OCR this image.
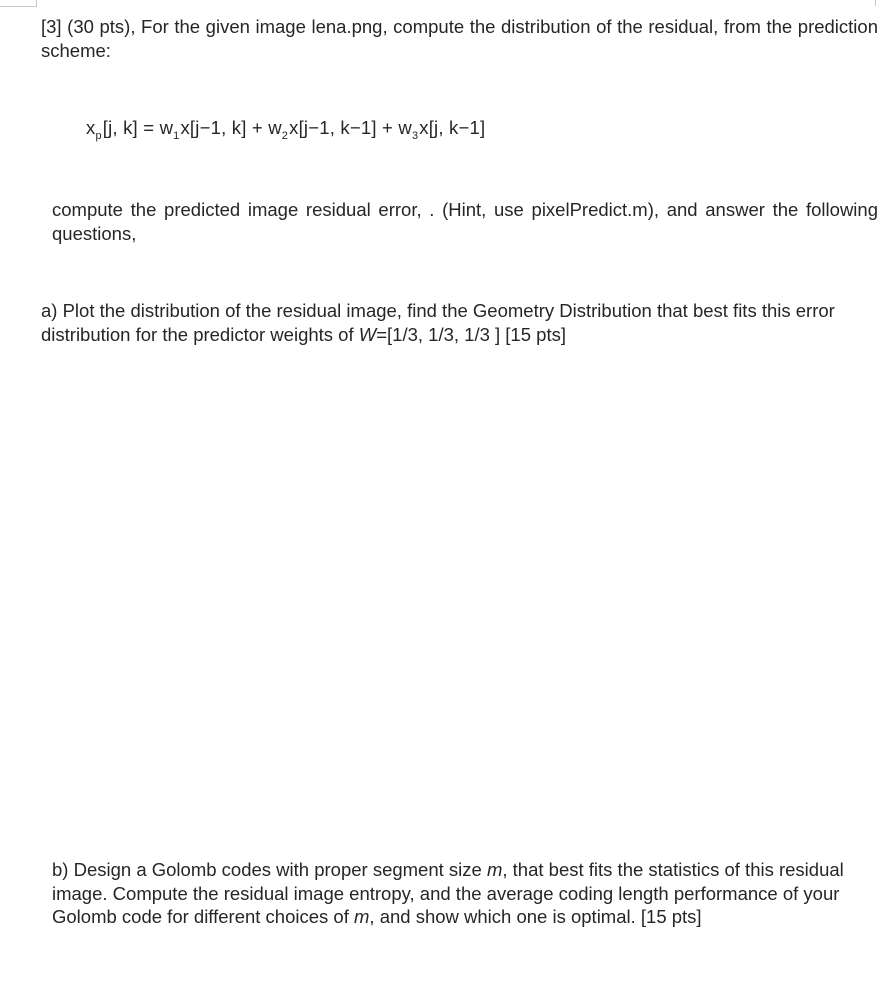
[3] (30 pts), For the given image lena.png, compute the distribution of the residual, from the prediction scheme:

$x_p[j$, $k] = w_1x[j-1$, $k] + w_2x[j-1$, $k-1] + w_3x[j$, k−1]

compute the predicted image residual error, . (Hint, use pixelPredict.m), and answer the following questions,

a) Plot the distribution of the residual image, find the Geometry Distribution that best fits this error distribution for the predictor weights of W=[1/3, 1/3, 1/3 ] [15 pts]

b) Design a Golomb codes with proper segment size m, that best fits the statistics of this residual image. Compute the residual image entropy, and the average coding length performance of your Golomb code for different choices of m, and show which one is optimal. [15 pts]
